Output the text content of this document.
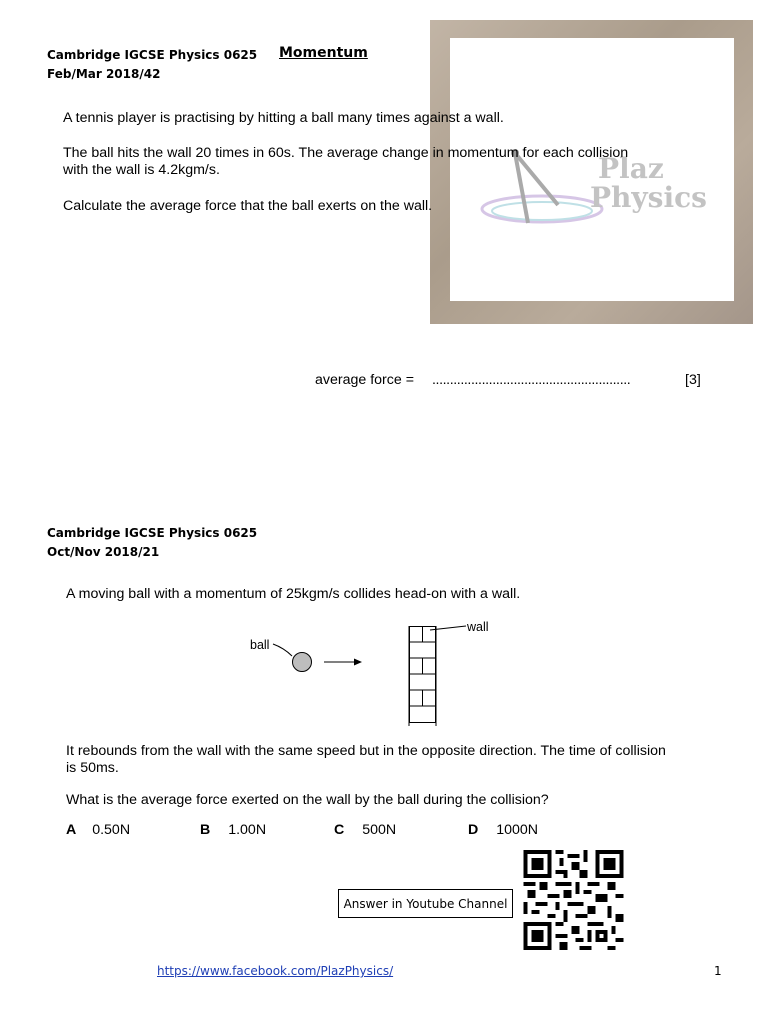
Cambridge IGCSE Physics 0625
Feb/Mar 2018/42
Momentum
Plaz
Physics
A tennis player is practising by hitting a ball many times against a wall.
The ball hits the wall 20 times in 60s. The average change in momentum for each collision
with the wall is 4.2kgm/s.
Calculate the average force that the ball exerts on the wall.
average force = ........................................................	[3]
Cambridge IGCSE Physics 0625
Oct/Nov 2018/21
A moving ball with a momentum of 25kgm/s collides head-on with a wall.
ball
wall
It rebounds from the wall with the same speed but in the opposite direction. The time of collision
is 50ms.
What is the average force exerted on the wall by the ball during the collision?
A 0.50N	B 1.00N	C 500N	D 1000N
Answer in Youtube Channel
https://www.facebook.com/PlazPhysics/	1
